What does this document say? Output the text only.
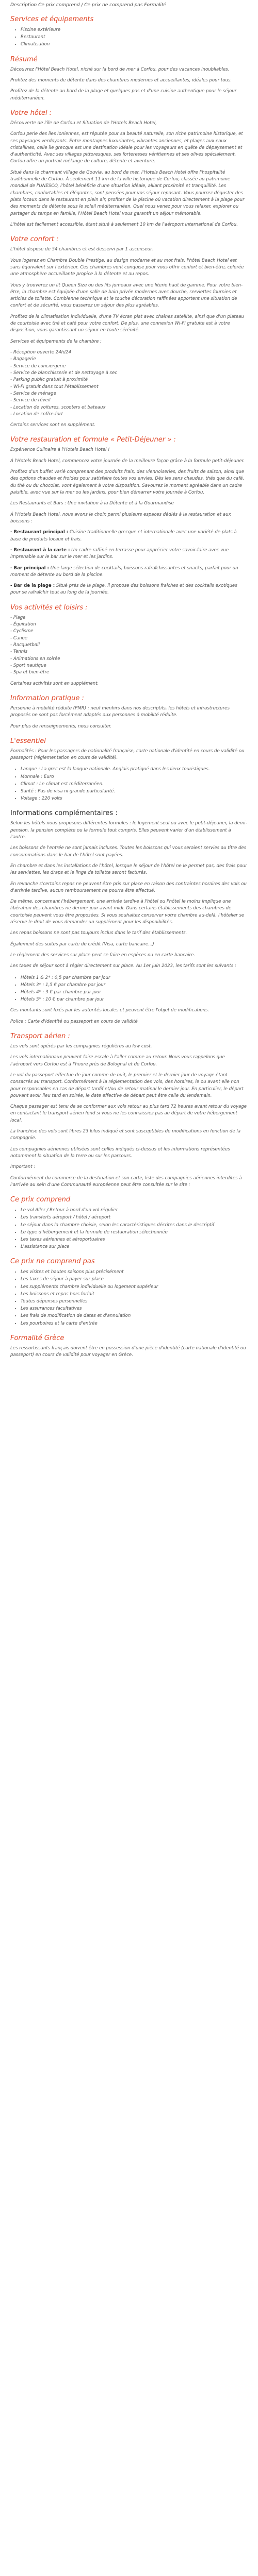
Description Ce prix comprend / Ce prix ne comprend pas Formalité
Services et équipements
• Piscine extérieure
• Restaurant
• Climatisation
Résumé

Découvrez l'Hôtel Beach Hotel, niché sur la bord de mer à Corfou, pour des vacances inoubliables.

Profitez des moments de détente dans des chambres modernes et accueillantes, idéales pour tous.

Profitez de la détente au bord de la plage et quelques pas et d'une cuisine authentique pour le séjour méditerranéen.

Votre hôtel :

Découverte de l'île de Corfou et Situation de l'Hotels Beach Hotel,

Corfou perle des îles Ioniennes, est réputée pour sa beauté naturelle, son riche patrimoine historique, et ses paysages verdoyants. Entre montagnes luxuriantes, vibrantes anciennes, et plages aux eaux cristallines, celle île grecque est une destination idéale pour les voyageurs en quête de dépaysement et d'authenticité. Avec ses villages pittoresques, ses forteresses vénitiennes et ses olives spécialement, Corfou offre un portrait mélange de culture, détente et aventure.

Situé dans le charmant village de Gouvia, au bord de mer, l'Hotels Beach Hotel offre l'hospitalité traditionnelle de Corfou. À seulement 11 km de la ville historique de Corfou, classée au patrimoine mondial de l'UNESCO, l'hôtel bénéficie d'une situation idéale, alliant proximité et tranquillité. Les chambres, confortables et élégantes, sont pensées pour vos séjour reposant. Vous pourrez déguster des plats locaux dans le restaurant en plein air, profiter de la piscine où vacation directement à la plage pour des moments de détente sous le soleil méditerranéen. Quel nous venez pour vous relaxer, explorer ou partager du temps en famille, l'Hôtel Beach Hotel vous garantit un séjour mémorable.

L'hôtel est facilement accessible, étant situé à seulement 10 km de l'aéroport international de Corfou.

Votre confort :

L'hôtel dispose de 54 chambres et est desservi par 1 ascenseur.

Vous logerez en Chambre Double Prestige, au design moderne et au mot frais, l'hôtel Beach Hotel est sans équivalent sur l'extérieur. Ces chambres vont conquise pour vous offrir confort et bien-être, colorée une atmosphère accueillante propice à la détente et au repos.

Vous y trouverez un lit Queen Size ou des lits jumeaux avec une literie haut de gamme. Pour votre bien-être, la chambre est équipée d'une salle de bain privée modernes avec douche, serviettes fournies et articles de toilette. Combienne technique et le touche décoration raffinées apportent une situation de confort et de sécurité, vous passerez un séjour des plus agréables.

Profitez de la climatisation individuelle, d'une TV écran plat avec chaînes satellite, ainsi que d'un plateau de courtoisie avec thé et café pour votre confort. De plus, une connexion Wi-Fi gratuite est à votre disposition, vous garantissant un séjour en toute sérénité.

Services et équipements de la chambre :

- Réception ouverte 24h/24
- Bagagerie
- Service de conciergerie
- Service de blanchisserie et de nettoyage à sec
- Parking public gratuit à proximité
- Wi-Fi gratuit dans tout l'établissement
- Service de ménage
- Service de réveil
- Location de voitures, scooters et bateaux
- Location de coffre-fort

Certains services sont en supplément.

Votre restauration et formule « Petit-Déjeuner » :

Expérience Culinaire à l'Hotels Beach Hotel !

À l'Hotels Beach Hotel, commencez votre journée de la meilleure façon grâce à la formule petit-déjeuner.

Profitez d'un buffet varié comprenant des produits frais, des viennoiseries, des fruits de saison, ainsi que des options chaudes et froides pour satisfaire toutes vos envies. Dès les sens chaudes, thés que du café, du thé ou du chocolat, vont également à votre disposition. Savourez le moment agréable dans un cadre paisible, avec vue sur la mer ou les jardins, pour bien démarrer votre journée à Corfou.

Les Restaurants et Bars : Une invitation à la Détente et à la Gourmandise

À l'Hotels Beach Hotel, nous avons le choix parmi plusieurs espaces dédiés à la restauration et aux boissons :

- Restaurant principal : Cuisine traditionnelle grecque et internationale avec une variété de plats à base de produits locaux et frais.

- Restaurant à la carte : Un cadre raffiné en terrasse pour apprécier votre savoir-faire avec vue imprenable sur le bar sur le mer et les jardins.

- Bar principal : Une large sélection de cocktails, boissons rafraîchissantes et snacks, parfait pour un moment de détente au bord de la piscine.

- Bar de la plage : Situé près de la plage, il propose des boissons fraîches et des cocktails exotiques pour se rafraîchir tout au long de la journée.

Vos activités et loisirs :
- Plage
- Équitation
- Cyclisme
- Canoë
- Racquetball
- Tennis
- Animations en soirée
- Sport nautique
- Spa et bien-être

Certaines activités sont en supplément.

Information pratique :

Personne à mobilité réduite (PMR) : neuf menhirs dans nos descriptifs, les hôtels et infrastructures proposés ne sont pas forcément adaptés aux personnes à mobilité réduite.

Pour plus de renseignements, nous consulter.

L'essentiel

Formalités : Pour les passagers de nationalité française, carte nationale d'identité en cours de validité ou passeport (réglementation en cours de validité).

• Langue : La grec est la langue nationale. Anglais pratiqué dans les lieux touristiques.
• Monnaie : Euro
• Climat : Le climat est méditerranéen.
• Santé : Pas de visa ni grande particularité.
• Voltage : 220 volts
Informations complémentaires :

Selon les hôtels nous proposons différentes formules : le logement seul ou avec le petit-déjeuner, la demi-pension, la pension complète ou la formule tout compris. Elles peuvent varier d'un établissement à l'autre.

Les boissons de l'entrée ne sont jamais incluses. Toutes les boissons qui vous seraient servies au titre des consommations dans le bar de l'hôtel sont payées.

En chambre et dans les installations de l'hôtel, lorsque le séjour de l'hôtel ne le permet pas, des frais pour les serviettes, les draps et le linge de toilette seront facturés.

En revanche s'certains repas ne peuvent être pris sur place en raison des contraintes horaires des vols ou d'arrivée tardive, aucun remboursement ne pourra être effectué.

De même, concernant l'hébergement, une arrivée tardive à l'hôtel ou l'hôtel le moins implique une libération des chambres ne dernier jour avant midi. Dans certains établissements des chambres de courtoisie peuvent vous être proposées. Si vous souhaitez conserver votre chambre au-delà, l'hôtelier se réserve le droit de vous demander un supplément pour les disponibilités.

Les repas boissons ne sont pas toujours inclus dans le tarif des établissements.

Également des suites par carte de crédit (Visa, carte bancaire...)

Le règlement des services sur place peut se faire en espèces ou en carte bancaire.

Les taxes de séjour sont à régler directement sur place. Au 1er juin 2023, les tarifs sont les suivants :

• Hôtels 1 & 2* : 0,5 par chambre par jour
• Hôtels 3* : 1,5 € par chambre par jour
• Hôtels 4* : 3 € par chambre par jour
• Hôtels 5* : 10 € par chambre par jour

Ces montants sont fixés par les autorités locales et peuvent être l'objet de modifications.

Police : Carte d'identité ou passeport en cours de validité

Transport aérien :

Les vols sont opérés par les compagnies régulières au low cost.

Les vols internationaux peuvent faire escale à l'aller comme au retour. Nous vous rappelons que l'aéroport vers Corfou est à l'heure près de Bolognal et de Corfou.

Le vol du passeport effectue de jour comme de nuit, le premier et le dernier jour de voyage étant consacrés au transport. Conformément à la réglementation des vols, des horaires, le ou avant elle non pour responsables en cas de départ tardif et/ou de retour matinal le dernier jour. En particulier, le départ pouvant avoir lieu tard en soirée, le date effective de départ peut être celle du lendemain.

Chaque passager est tenu de se conformer aux vols retour au plus tard 72 heures avant retour du voyage en contactant le transport aérien fond si vous ne les connaissiez pas au départ de votre hébergement local.

La franchise des vols sont libres 23 kilos indiqué et sont susceptibles de modifications en fonction de la compagnie.

Les compagnies aériennes utilisées sont celles indiqués ci-dessus et les informations représentées notamment la situation de la terre ou sur les parcours.

Important :

Conformément du commerce de la destination et son carte, liste des compagnies aériennes interdites à l'arrivée au sein d'une Communauté européenne peut être consultée sur le site :

Ce prix comprend
• Le vol Aller / Retour à bord d'un vol régulier
• Les transferts aéroport / hôtel / aéroport
• Le séjour dans la chambre choisie, selon les caractéristiques décrites dans le descriptif
• Le type d'hébergement et la formule de restauration sélectionnée
• Les taxes aériennes et aéroportuaires
• L'assistance sur place
Ce prix ne comprend pas
• Les visites et hautes saisons plus précisément
• Les taxes de séjour à payer sur place
• Les suppléments chambre individuelle ou logement supérieur
• Les boissons et repas hors forfait
• Toutes dépenses personnelles
• Les assurances facultatives
• Les frais de modification de dates et d'annulation
• Les pourboires et la carte d'entrée
Formalité Grèce

Les ressortissants français doivent être en possession d'une pièce d'identité (carte nationale d'identité ou passeport) en cours de validité pour voyager en Grèce.
